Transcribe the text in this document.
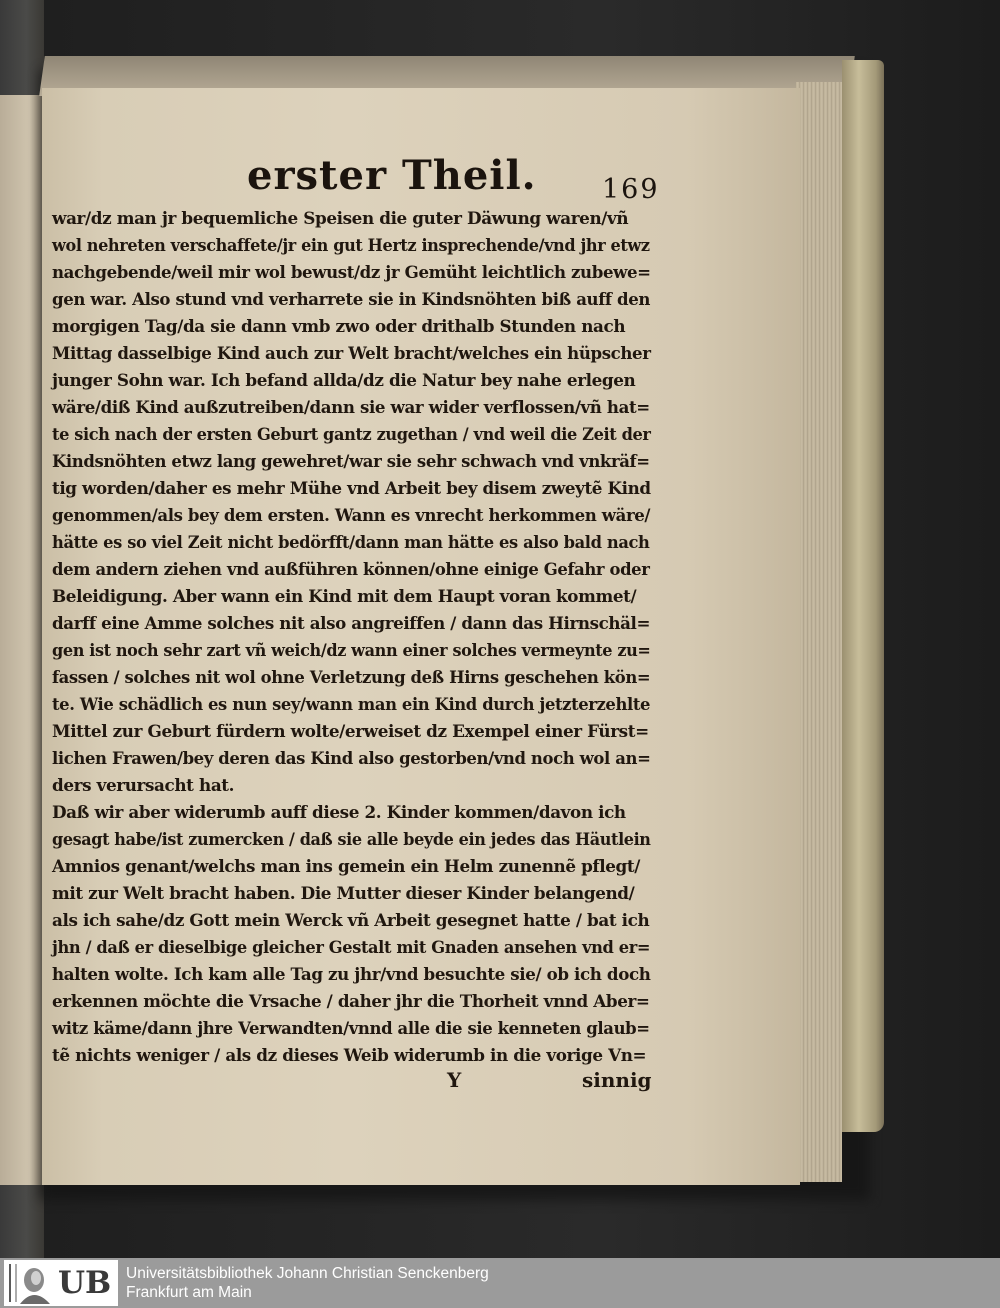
erster Theil. 169
war/dz man jr bequemliche Speisen die guter Däwung waren/vñ
wol nehreten verschaffete/jr ein gut Hertz insprechende/vnd jhr etwz
nachgebende/weil mir wol bewust/dz jr Gemüht leichtlich zubewe=
gen war. Also stund vnd verharrete sie in Kindsnöhten biß auff den
morgigen Tag/da sie dann vmb zwo oder drithalb Stunden nach
Mittag dasselbige Kind auch zur Welt bracht/welches ein hüpscher
junger Sohn war. Ich befand allda/dz die Natur bey nahe erlegen
wäre/diß Kind außzutreiben/dann sie war wider verflossen/vñ hat=
te sich nach der ersten Geburt gantz zugethan / vnd weil die Zeit der
Kindsnöhten etwz lang gewehret/war sie sehr schwach vnd vnkräf=
tig worden/daher es mehr Mühe vnd Arbeit bey disem zweytẽ Kind
genommen/als bey dem ersten. Wann es vnrecht herkommen wäre/
hätte es so viel Zeit nicht bedörfft/dann man hätte es also bald nach
dem andern ziehen vnd außführen können/ohne einige Gefahr oder
Beleidigung. Aber wann ein Kind mit dem Haupt voran kommet/
darff eine Amme solches nit also angreiffen / dann das Hirnschäl=
gen ist noch sehr zart vñ weich/dz wann einer solches vermeynte zu=
fassen / solches nit wol ohne Verletzung deß Hirns geschehen kön=
te. Wie schädlich es nun sey/wann man ein Kind durch jetzterzehlte
Mittel zur Geburt fürdern wolte/erweiset dz Exempel einer Fürst=
lichen Frawen/bey deren das Kind also gestorben/vnd noch wol an=
ders verursacht hat.
Daß wir aber widerumb auff diese 2. Kinder kommen/davon ich
gesagt habe/ist zumercken / daß sie alle beyde ein jedes das Häutlein
Amnios genant/welchs man ins gemein ein Helm zunennẽ pflegt/
mit zur Welt bracht haben. Die Mutter dieser Kinder belangend/
als ich sahe/dz Gott mein Werck vñ Arbeit gesegnet hatte / bat ich
jhn / daß er dieselbige gleicher Gestalt mit Gnaden ansehen vnd er=
halten wolte. Ich kam alle Tag zu jhr/vnd besuchte sie/ ob ich doch
erkennen möchte die Vrsache / daher jhr die Thorheit vnnd Aber=
witz käme/dann jhre Verwandten/vnnd alle die sie kenneten glaub=
tẽ nichts weniger / als dz dieses Weib widerumb in die vorige Vn=
Y	sinnig
UB Universitätsbibliothek Johann Christian Senckenberg
Frankfurt am Main
